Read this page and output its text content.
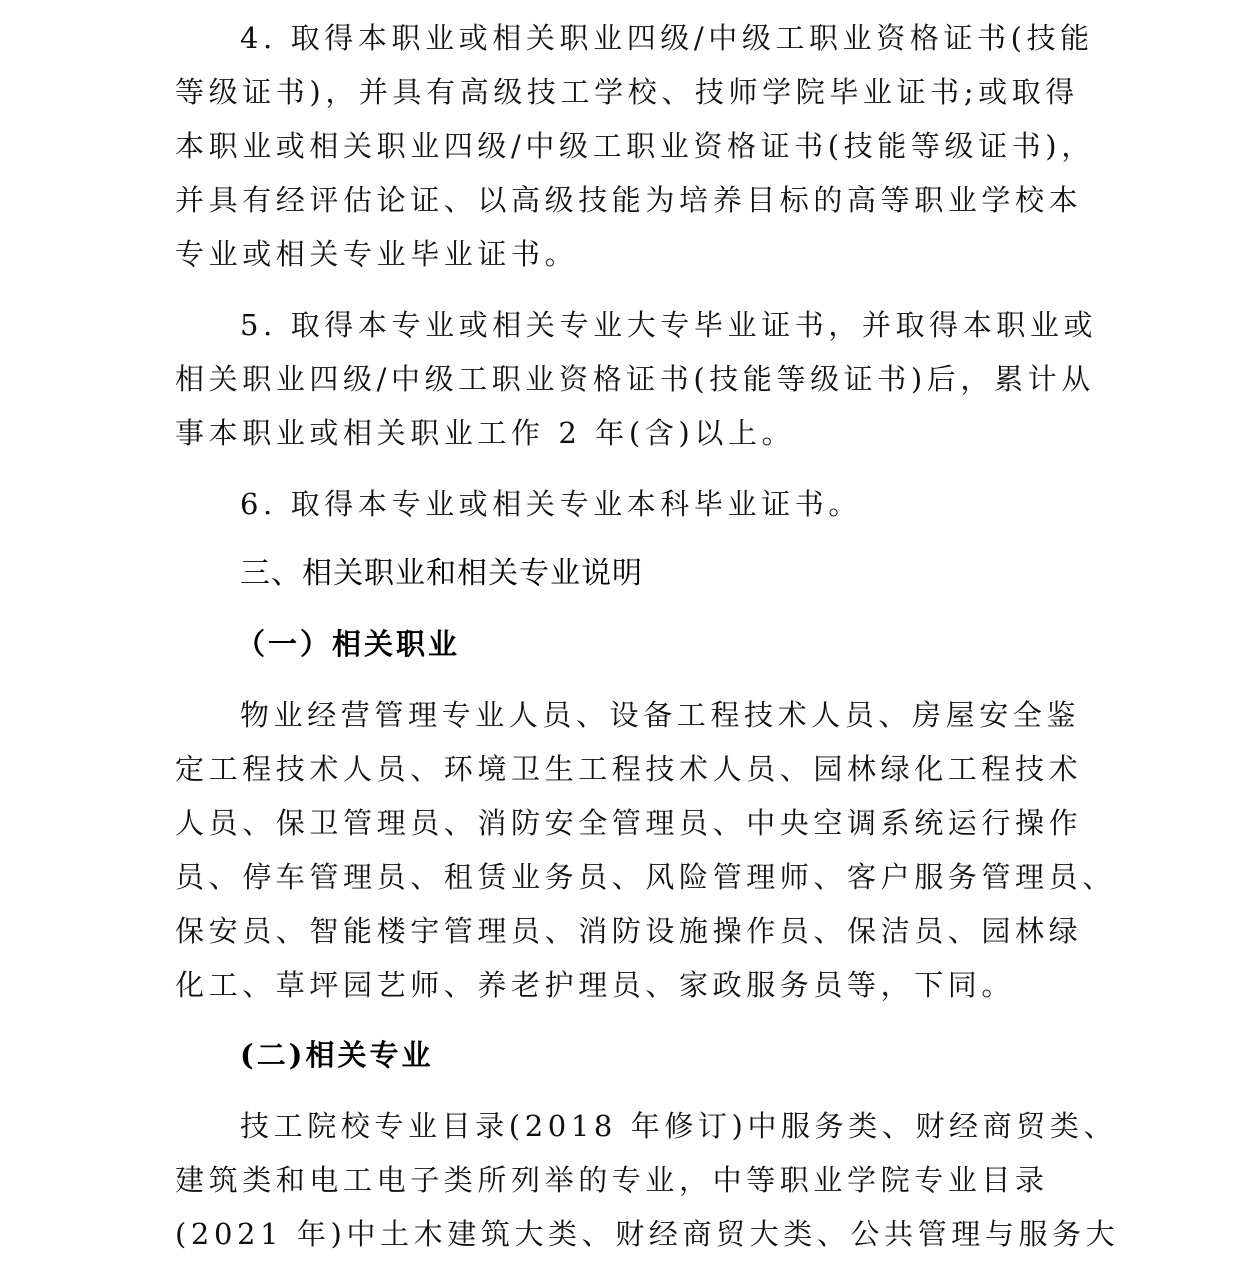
4. 取得本职业或相关职业四级/中级工职业资格证书(技能
等级证书)，并具有高级技工学校、技师学院毕业证书;或取得
本职业或相关职业四级/中级工职业资格证书(技能等级证书)，
并具有经评估论证、以高级技能为培养目标的高等职业学校本
专业或相关专业毕业证书。
5. 取得本专业或相关专业大专毕业证书，并取得本职业或
相关职业四级/中级工职业资格证书(技能等级证书)后，累计从
事本职业或相关职业工作 2 年(含)以上。
6. 取得本专业或相关专业本科毕业证书。
三、相关职业和相关专业说明
（一）相关职业
物业经营管理专业人员、设备工程技术人员、房屋安全鉴
定工程技术人员、环境卫生工程技术人员、园林绿化工程技术
人员、保卫管理员、消防安全管理员、中央空调系统运行操作
员、停车管理员、租赁业务员、风险管理师、客户服务管理员、
保安员、智能楼宇管理员、消防设施操作员、保洁员、园林绿
化工、草坪园艺师、养老护理员、家政服务员等，下同。
(二)相关专业
技工院校专业目录(2018 年修订)中服务类、财经商贸类、
建筑类和电工电子类所列举的专业，中等职业学院专业目录
(2021 年)中土木建筑大类、财经商贸大类、公共管理与服务大
